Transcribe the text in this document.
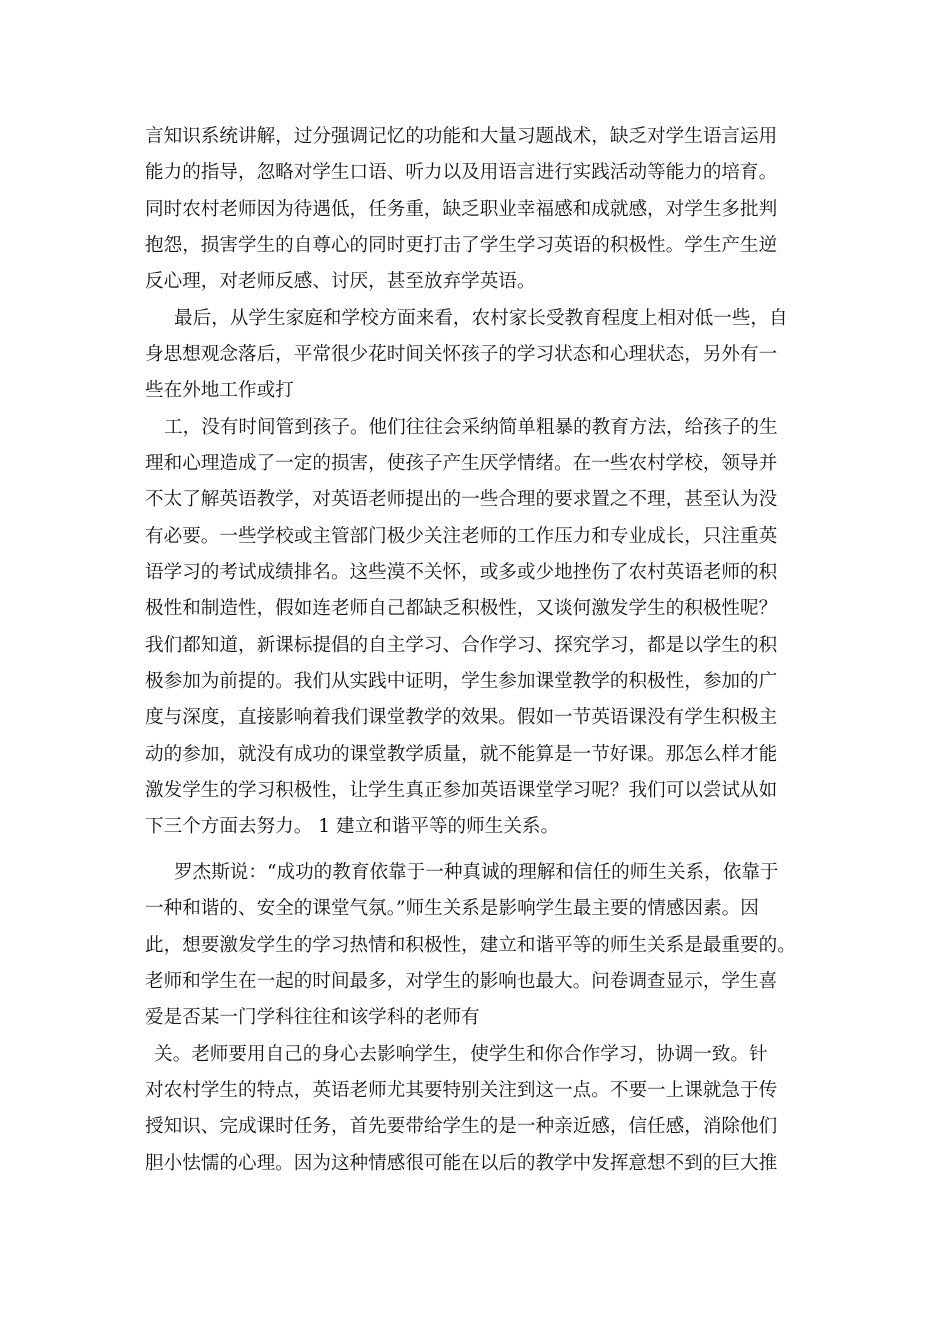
言知识系统讲解，过分强调记忆的功能和大量习题战术，缺乏对学生语言运用
能力的指导，忽略对学生口语、听力以及用语言进行实践活动等能力的培育。
同时农村老师因为待遇低，任务重，缺乏职业幸福感和成就感，对学生多批判
抱怨，损害学生的自尊心的同时更打击了学生学习英语的积极性。学生产生逆
反心理，对老师反感、讨厌，甚至放弃学英语。
最后，从学生家庭和学校方面来看，农村家长受教育程度上相对低一些，自
身思想观念落后，平常很少花时间关怀孩子的学习状态和心理状态，另外有一
些在外地工作或打
工，没有时间管到孩子。他们往往会采纳简单粗暴的教育方法，给孩子的生
理和心理造成了一定的损害，使孩子产生厌学情绪。在一些农村学校，领导并
不太了解英语教学，对英语老师提出的一些合理的要求置之不理，甚至认为没
有必要。一些学校或主管部门极少关注老师的工作压力和专业成长，只注重英
语学习的考试成绩排名。这些漠不关怀，或多或少地挫伤了农村英语老师的积
极性和制造性，假如连老师自己都缺乏积极性，又谈何激发学生的积极性呢？
我们都知道，新课标提倡的自主学习、合作学习、探究学习，都是以学生的积
极参加为前提的。我们从实践中证明，学生参加课堂教学的积极性，参加的广
度与深度，直接影响着我们课堂教学的效果。假如一节英语课没有学生积极主
动的参加，就没有成功的课堂教学质量，就不能算是一节好课。那怎么样才能
激发学生的学习积极性，让学生真正参加英语课堂学习呢？我们可以尝试从如
下三个方面去努力。 1 建立和谐平等的师生关系。
罗杰斯说：“成功的教育依靠于一种真诚的理解和信任的师生关系，依靠于
一种和谐的、安全的课堂气氛。”师生关系是影响学生最主要的情感因素。因
此，想要激发学生的学习热情和积极性，建立和谐平等的师生关系是最重要的。
老师和学生在一起的时间最多，对学生的影响也最大。问卷调查显示，学生喜
爱是否某一门学科往往和该学科的老师有
关。老师要用自己的身心去影响学生，使学生和你合作学习，协调一致。针
对农村学生的特点，英语老师尤其要特别关注到这一点。不要一上课就急于传
授知识、完成课时任务，首先要带给学生的是一种亲近感，信任感，消除他们
胆小怯懦的心理。因为这种情感很可能在以后的教学中发挥意想不到的巨大推
